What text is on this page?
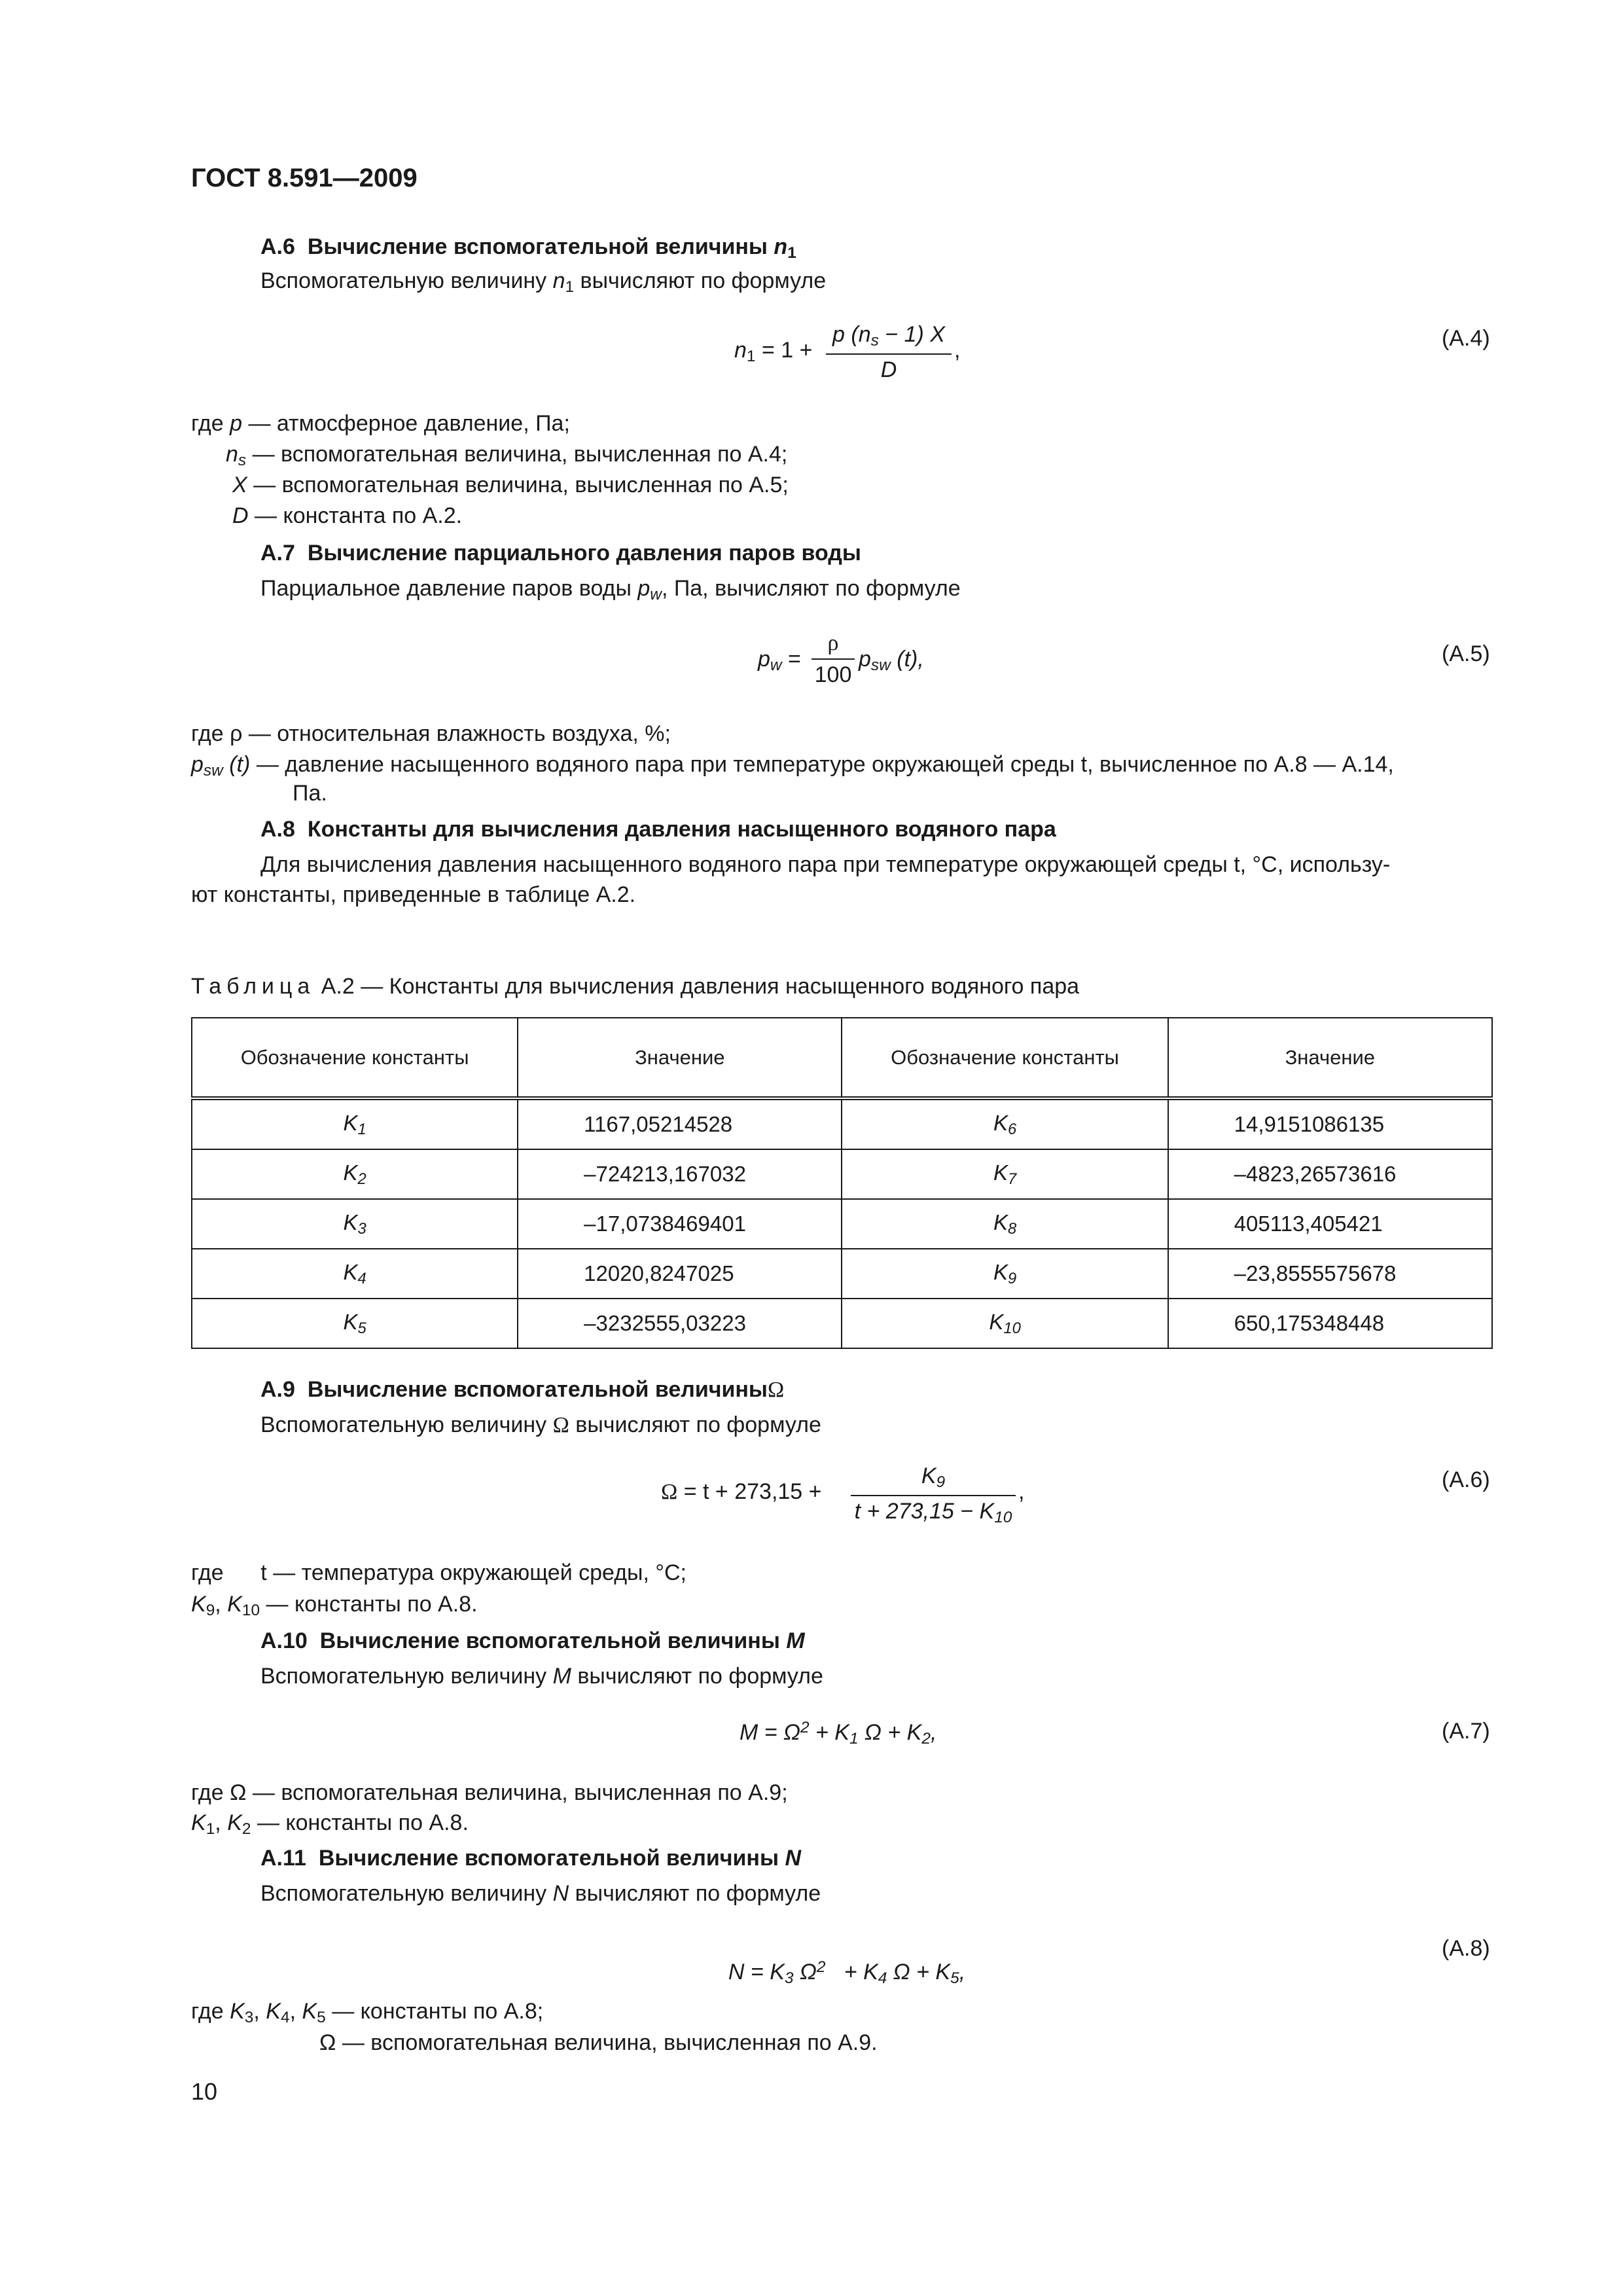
ГОСТ 8.591—2009
A.6 Вычисление вспомогательной величины $n_1$
Вспомогательную величину $n_1$ вычисляют по формуле
$n_1 = 1$ +
p $(n_s - 1)$ X
D
,	(A.4)
где p — атмосферное давление, Па;
$n_s$ — вспомогательная величина, вычисленная по А.4;
X — вспомогательная величина, вычисленная по А.5;
D — константа по А.2.
A.7 Вычисление парциального давления паров воды
Парциальное давление паров воды $p_w$, Па, вычисляют по формуле
$p_w$ =
ρ
100
$p_{sw}$ (t),	(A.5)
где ρ — относительная влажность воздуха, %;
$p_{sw}$ (t) — давление насыщенного водяного пара при температуре окружающей среды t, вычисленное по А.8 — А.14,
Па.
A.8 Константы для вычисления давления насыщенного водяного пара
Для вычисления давления насыщенного водяного пара при температуре окружающей среды t, °С, использу-
ют константы, приведенные в таблице А.2.
Таблица А.2 — Константы для вычисления давления насыщенного водяного пара
Обозначение константы	Значение	Обозначение константы	Значение
$K_1$	1167,05214528	$K_6$	14,9151086135
$K_2$	–724213,167032	$K_7$	–4823,26573616
$K_3$	–17,0738469401	$K_8$	405113,405421
$K_4$	12020,8247025	$K_9$	–23,8555575678
$K_5$	–3232555,03223	$K_{10}$	650,175348448
A.9 Вычисление вспомогательной величиныΩ
Вспомогательную величину Ω вычисляют по формуле
Ω = t + 273,15 +
$K_9$
$t + 273,15 - K_{10}$
,	(A.6)
где      t — температура окружающей среды, °С;
$K_9$, $K_{10}$ — константы по А.8.
A.10 Вычисление вспомогательной величины M
Вспомогательную величину M вычисляют по формуле
$M = \Omega^2 + K_1$ $\Omega + K_2$,	(A.7)
где Ω — вспомогательная величина, вычисленная по А.9;
$K_1$, $K_2$ — константы по А.8.
A.11 Вычисление вспомогательной величины N
Вспомогательную величину N вычисляют по формуле

$N = K_3$ $\Omega^2 + K_4$ $\Omega + K_5$,

(A.8)
где $K_3$, $K_4$, $K_5$ — константы по А.8;
Ω — вспомогательная величина, вычисленная по А.9.
10
